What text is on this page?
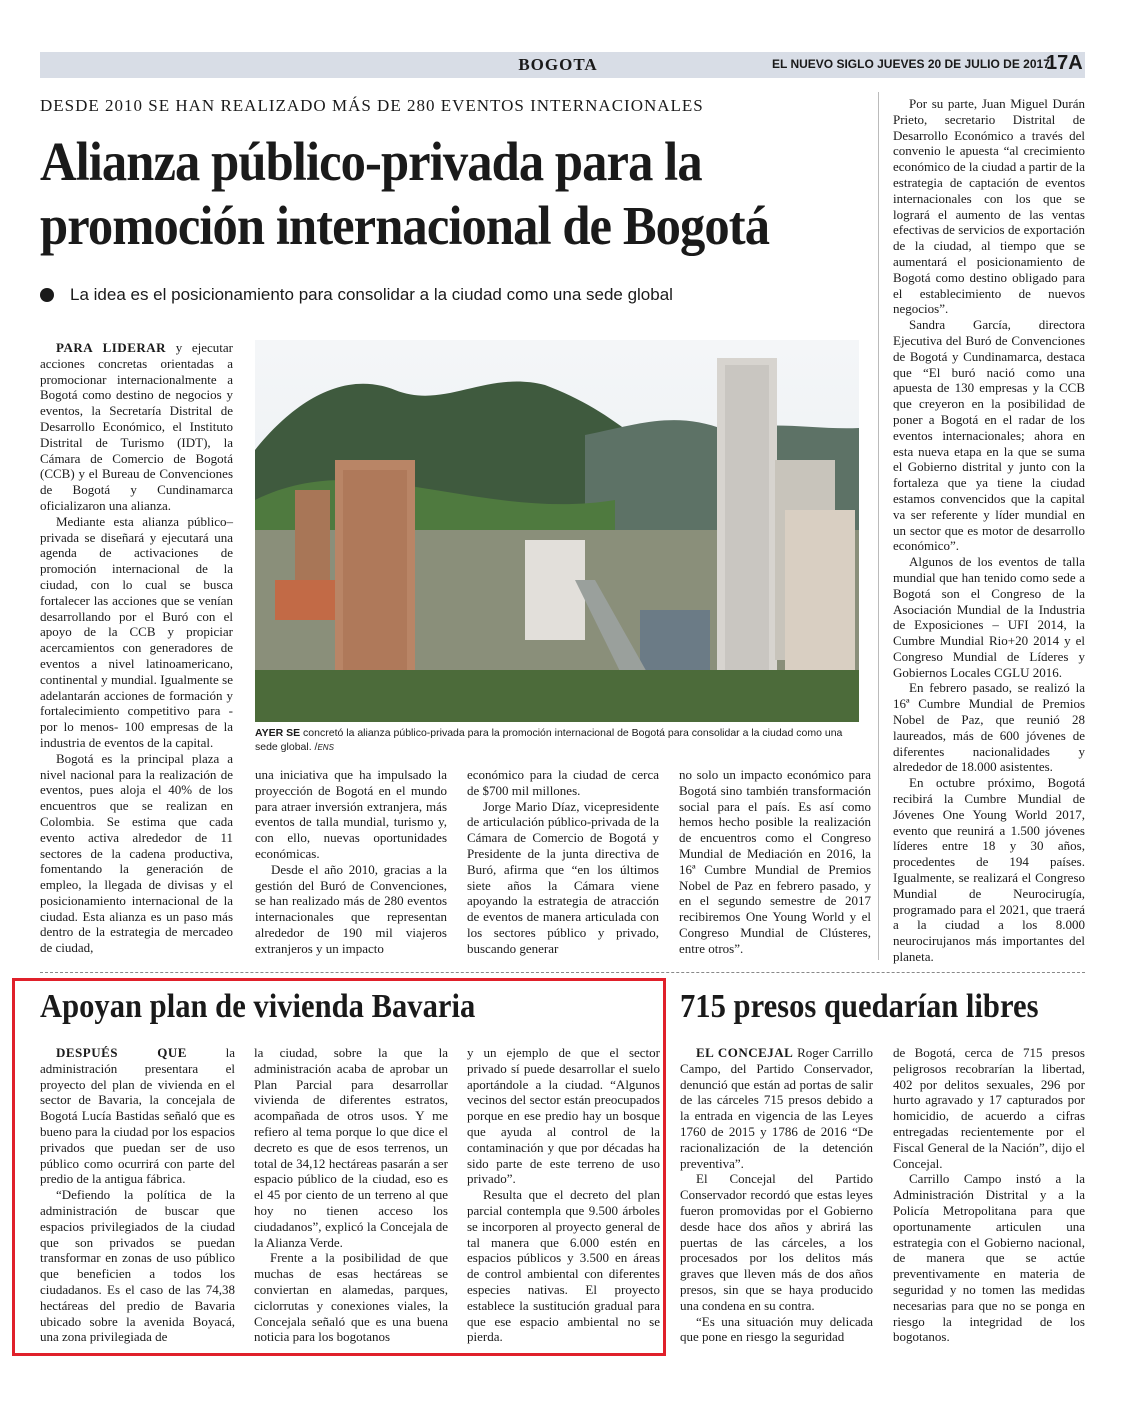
BOGOTA	EL NUEVO SIGLO JUEVES 20 DE JULIO DE 2017
17A
DESDE 2010 SE HAN REALIZADO MÁS DE 280 EVENTOS INTERNACIONALES
Alianza público-privada para la
promoción internacional de Bogotá
La idea es el posicionamiento para consolidar a la ciudad como una sede global

PARA LIDERAR y ejecutar acciones concretas orientadas a promocionar internacionalmente a Bogotá como destino de negocios y eventos, la Secretaría Distrital de Desarrollo Económico, el Instituto Distrital de Turismo (IDT), la Cámara de Comercio de Bogotá (CCB) y el Bureau de Convenciones de Bogotá y Cundinamarca oficializaron una alianza.

Mediante esta alianza público–privada se diseñará y ejecutará una agenda de activaciones de promoción internacional de la ciudad, con lo cual se busca fortalecer las acciones que se venían desarrollando por el Buró con el apoyo de la CCB y propiciar acercamientos con generadores de eventos a nivel latinoamericano, continental y mundial. Igualmente se adelantarán acciones de formación y fortalecimiento competitivo para -por lo menos- 100 empresas de la industria de eventos de la capital.

Bogotá es la principal plaza a nivel nacional para la realización de eventos, pues aloja el 40% de los encuentros que se realizan en Colombia. Se estima que cada evento activa alrededor de 11 sectores de la cadena productiva, fomentando la generación de empleo, la llegada de divisas y el posicionamiento internacional de la ciudad. Esta alianza es un paso más dentro de la estrategia de mercadeo de ciudad,

AYER SE concretó la alianza público-privada para la promoción internacional de Bogotá para consolidar a la ciudad como una sede global. /ENS

una iniciativa que ha impulsado la proyección de Bogotá en el mundo para atraer inversión extranjera, más eventos de talla mundial, turismo y, con ello, nuevas oportunidades económicas.

Desde el año 2010, gracias a la gestión del Buró de Convenciones, se han realizado más de 280 eventos internacionales que representan alrededor de 190 mil viajeros extranjeros y un impacto

económico para la ciudad de cerca de $700 mil millones.

Jorge Mario Díaz, vicepresidente de articulación público-privada de la Cámara de Comercio de Bogotá y Presidente de la junta directiva de Buró, afirma que “en los últimos siete años la Cámara viene apoyando la estrategia de atracción de eventos de manera articulada con los sectores público y privado, buscando generar

no solo un impacto económico para Bogotá sino también transformación social para el país. Es así como hemos hecho posible la realización de encuentros como el Congreso Mundial de Mediación en 2016, la 16ª Cumbre Mundial de Premios Nobel de Paz en febrero pasado, y en el segundo semestre de 2017 recibiremos One Young World y el Congreso Mundial de Clústeres, entre otros”.

Por su parte, Juan Miguel Durán Prieto, secretario Distrital de Desarrollo Económico a través del convenio le apuesta “al crecimiento económico de la ciudad a partir de la estrategia de captación de eventos internacionales con los que se logrará el aumento de las ventas efectivas de servicios de exportación de la ciudad, al tiempo que se aumentará el posicionamiento de Bogotá como destino obligado para el establecimiento de nuevos negocios”.

Sandra García, directora Ejecutiva del Buró de Convenciones de Bogotá y Cundinamarca, destaca que “El buró nació como una apuesta de 130 empresas y la CCB que creyeron en la posibilidad de poner a Bogotá en el radar de los eventos internacionales; ahora en esta nueva etapa en la que se suma el Gobierno distrital y junto con la fortaleza que ya tiene la ciudad estamos convencidos que la capital va ser referente y líder mundial en un sector que es motor de desarrollo económico”.

Algunos de los eventos de talla mundial que han tenido como sede a Bogotá son el Congreso de la Asociación Mundial de la Industria de Exposiciones – UFI 2014, la Cumbre Mundial Rio+20 2014 y el Congreso Mundial de Líderes y Gobiernos Locales CGLU 2016.

En febrero pasado, se realizó la 16ª Cumbre Mundial de Premios Nobel de Paz, que reunió 28 laureados, más de 600 jóvenes de diferentes nacionalidades y alrededor de 18.000 asistentes.

En octubre próximo, Bogotá recibirá la Cumbre Mundial de Jóvenes One Young World 2017, evento que reunirá a 1.500 jóvenes líderes entre 18 y 30 años, procedentes de 194 países. Igualmente, se realizará el Congreso Mundial de Neurocirugía, programado para el 2021, que traerá a la ciudad a los 8.000 neurocirujanos más importantes del planeta.

Apoyan plan de vivienda Bavaria

DESPUÉS QUE la administración presentara el proyecto del plan de vivienda en el sector de Bavaria, la concejala de Bogotá Lucía Bastidas señaló que es bueno para la ciudad por los espacios privados que puedan ser de uso público como ocurrirá con parte del predio de la antigua fábrica.

“Defiendo la política de la administración de buscar que espacios privilegiados de la ciudad que son privados se puedan transformar en zonas de uso público que beneficien a todos los ciudadanos. Es el caso de las 74,38 hectáreas del predio de Bavaria ubicado sobre la avenida Boyacá, una zona privilegiada de

la ciudad, sobre la que la administración acaba de aprobar un Plan Parcial para desarrollar vivienda de diferentes estratos, acompañada de otros usos. Y me refiero al tema porque lo que dice el decreto es que de esos terrenos, un total de 34,12 hectáreas pasarán a ser espacio público de la ciudad, eso es el 45 por ciento de un terreno al que hoy no tienen acceso los ciudadanos”, explicó la Concejala de la Alianza Verde.

Frente a la posibilidad de que muchas de esas hectáreas se conviertan en alamedas, parques, ciclorrutas y conexiones viales, la Concejala señaló que es una buena noticia para los bogotanos

y un ejemplo de que el sector privado sí puede desarrollar el suelo aportándole a la ciudad. “Algunos vecinos del sector están preocupados porque en ese predio hay un bosque que ayuda al control de la contaminación y que por décadas ha sido parte de este terreno de uso privado”.

Resulta que el decreto del plan parcial contempla que 9.500 árboles se incorporen al proyecto general de tal manera que 6.000 estén en espacios públicos y 3.500 en áreas de control ambiental con diferentes especies nativas. El proyecto establece la sustitución gradual para que ese espacio ambiental no se pierda.

715 presos quedarían libres

EL CONCEJAL Roger Carrillo Campo, del Partido Conservador, denunció que están ad portas de salir de las cárceles 715 presos debido a la entrada en vigencia de las Leyes 1760 de 2015 y 1786 de 2016 “De racionalización de la detención preventiva”.

El Concejal del Partido Conservador recordó que estas leyes fueron promovidas por el Gobierno desde hace dos años y abrirá las puertas de las cárceles, a los procesados por los delitos más graves que lleven más de dos años presos, sin que se haya producido una condena en su contra.

“Es una situación muy delicada que pone en riesgo la seguridad

de Bogotá, cerca de 715 presos peligrosos recobrarían la libertad, 402 por delitos sexuales, 296 por hurto agravado y 17 capturados por homicidio, de acuerdo a cifras entregadas recientemente por el Fiscal General de la Nación”, dijo el Concejal.

Carrillo Campo instó a la Administración Distrital y a la Policía Metropolitana para que oportunamente articulen una estrategia con el Gobierno nacional, de manera que se actúe preventivamente en materia de seguridad y no tomen las medidas necesarias para que no se ponga en riesgo la integridad de los bogotanos.
